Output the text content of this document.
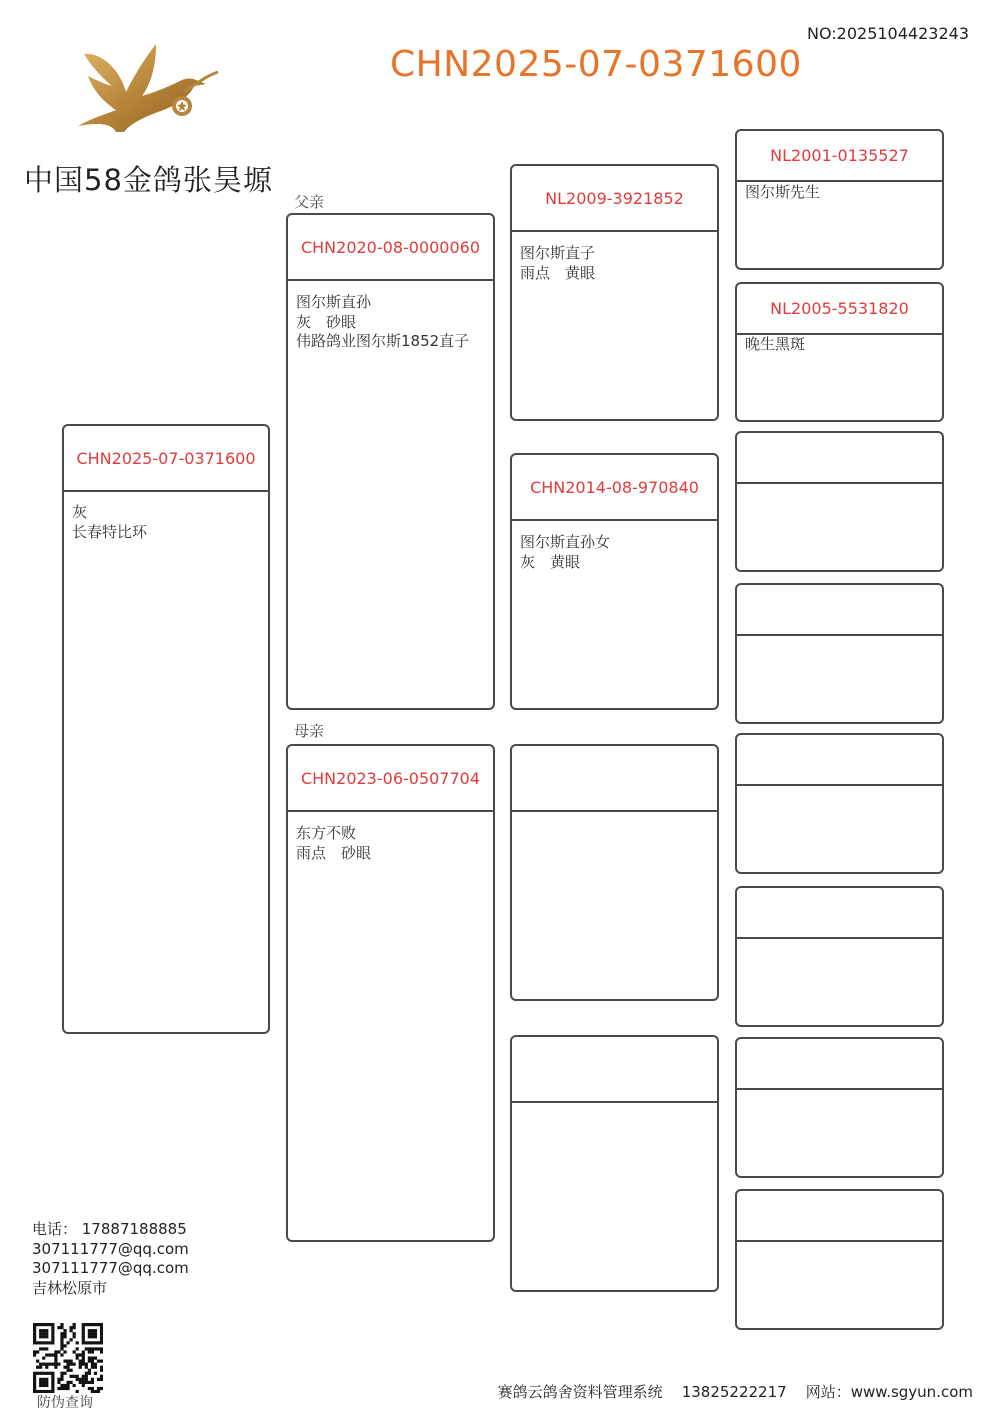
NO:2025104423243
CHN2025-07-0371600
中国58金鸽张昊塬
父亲
母亲
CHN2025-07-0371600
灰
长春特比环
CHN2020-08-0000060
图尔斯直孙
灰　砂眼
伟路鸽业图尔斯1852直子
CHN2023-06-0507704
东方不败
雨点　砂眼
NL2009-3921852
图尔斯直子
雨点　黄眼
CHN2014-08-970840
图尔斯直孙女
灰　黄眼
NL2001-0135527
图尔斯先生
NL2005-5531820
晚生黑斑
电话： 17887188885
307111777@qq.com
307111777@qq.com
吉林松原市
防伪查询
赛鸽云鸽舍资料管理系统    13825222217    网站：www.sgyun.com
